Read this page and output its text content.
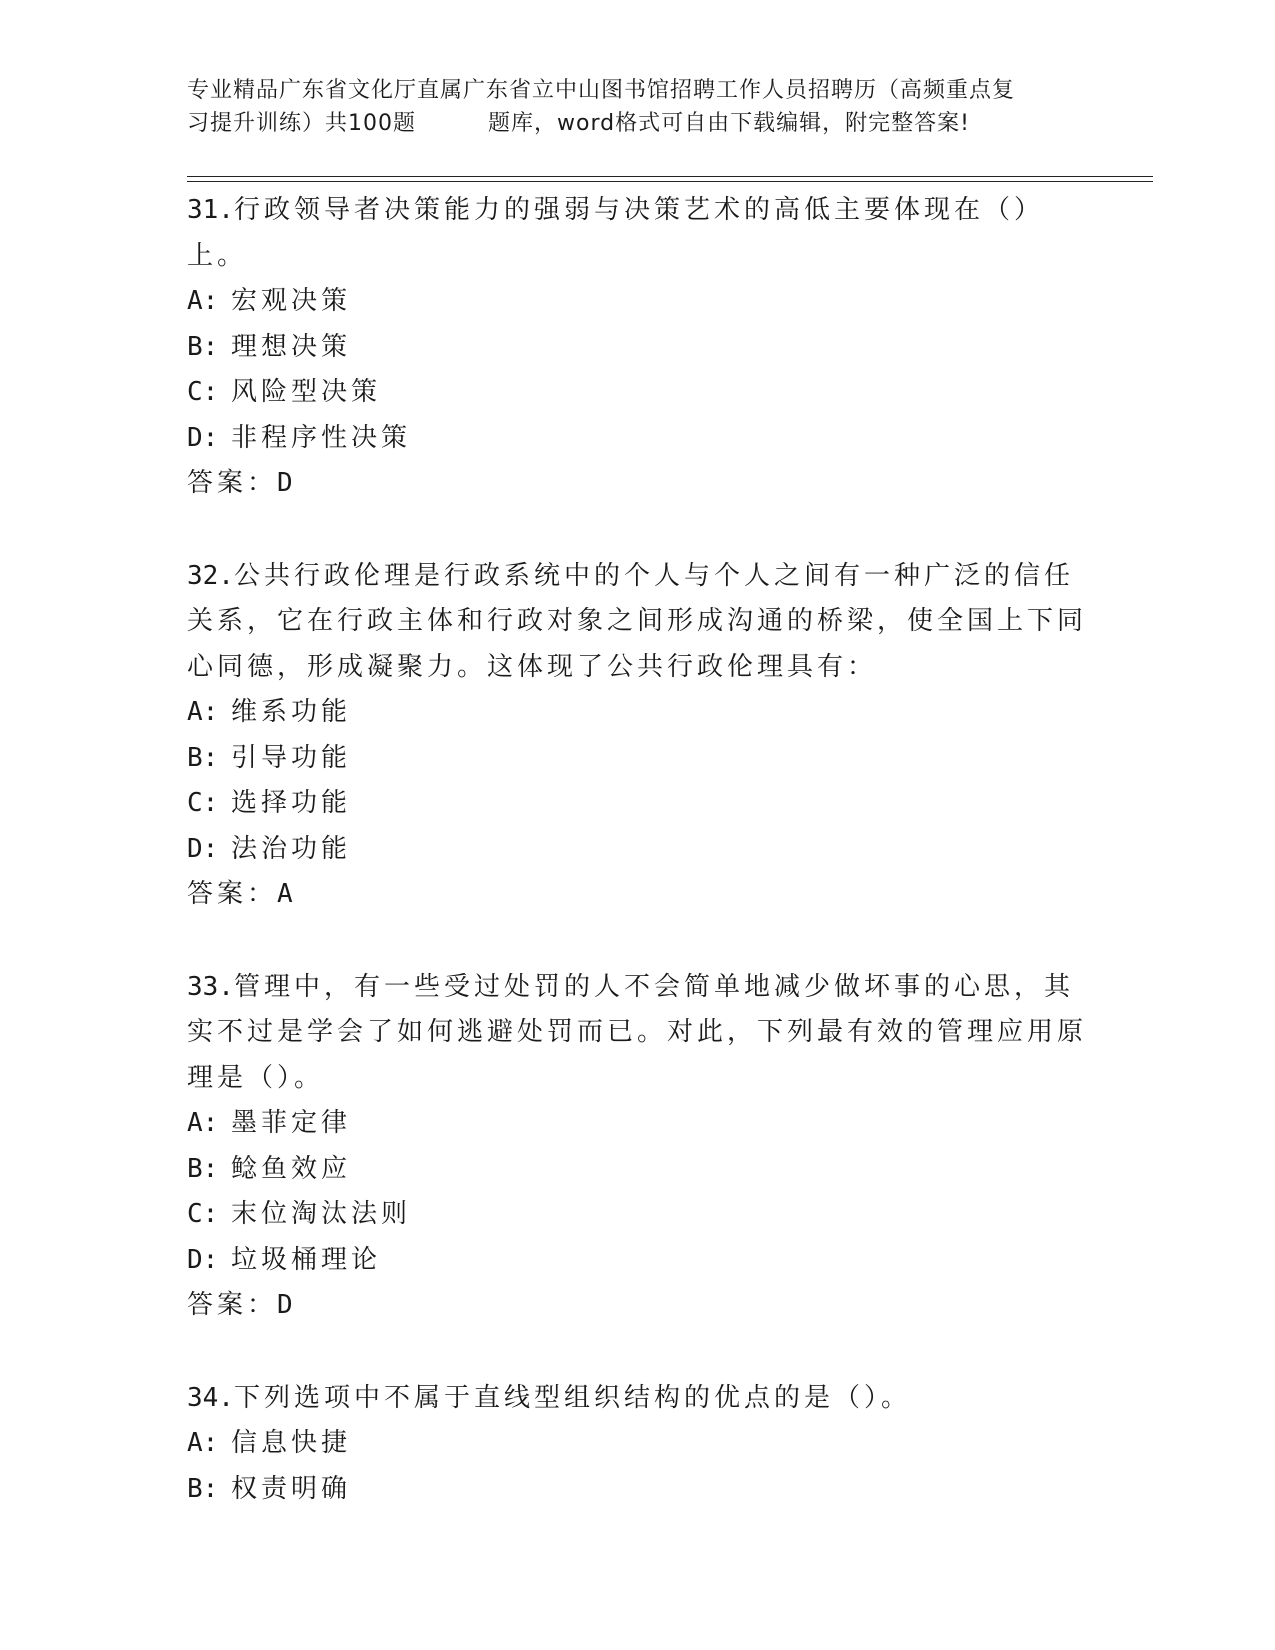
专业精品广东省文化厅直属广东省立中山图书馆招聘工作人员招聘历（高频重点复
习提升训练）共100题	题库，word格式可自由下载编辑，附完整答案!
31.行政领导者决策能力的强弱与决策艺术的高低主要体现在（）上。
A: 宏观决策
B: 理想决策
C: 风险型决策
D: 非程序性决策
答案：D
32.公共行政伦理是行政系统中的个人与个人之间有一种广泛的信任关系，它在行政主体和行政对象之间形成沟通的桥梁，使全国上下同心同德，形成凝聚力。这体现了公共行政伦理具有：
A: 维系功能
B: 引导功能
C: 选择功能
D: 法治功能
答案：A
33.管理中，有一些受过处罚的人不会简单地减少做坏事的心思，其实不过是学会了如何逃避处罚而已。对此，下列最有效的管理应用原理是（）。
A: 墨菲定律
B: 鲶鱼效应
C: 末位淘汰法则
D: 垃圾桶理论
答案：D
34.下列选项中不属于直线型组织结构的优点的是（）。
A: 信息快捷
B: 权责明确
